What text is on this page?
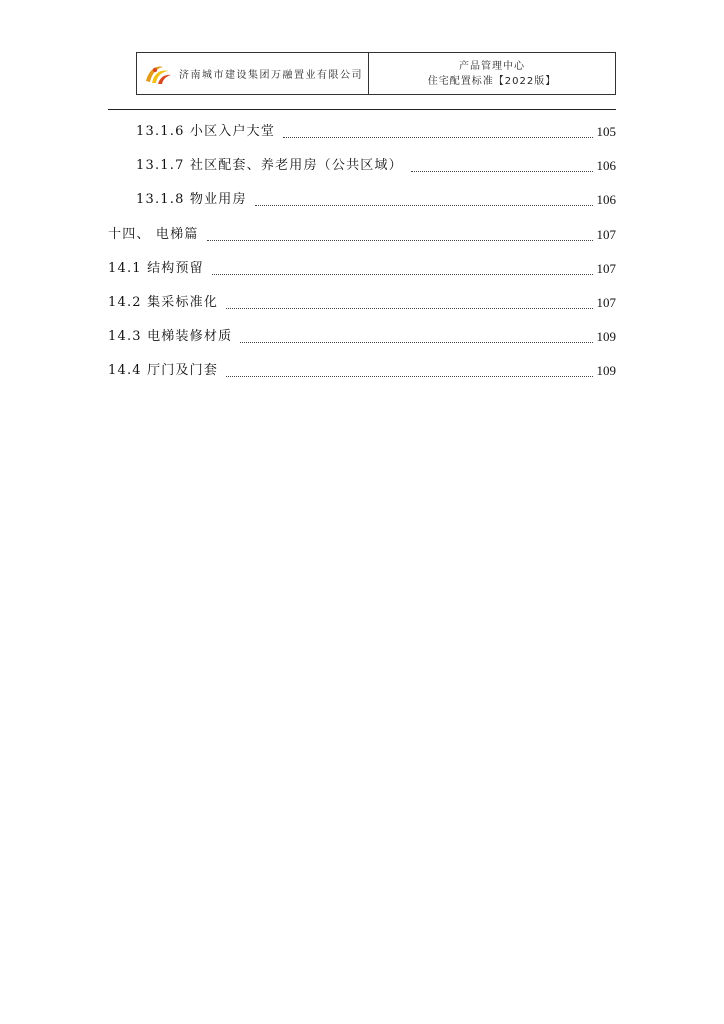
济南城市建设集团万融置业有限公司
产品管理中心
住宅配置标准【2022版】
13.1.6 小区入户大堂	105
13.1.7 社区配套、养老用房（公共区域）	106
13.1.8 物业用房	106
十四、 电梯篇	107
14.1 结构预留	107
14.2 集采标准化	107
14.3 电梯装修材质	109
14.4 厅门及门套	109
